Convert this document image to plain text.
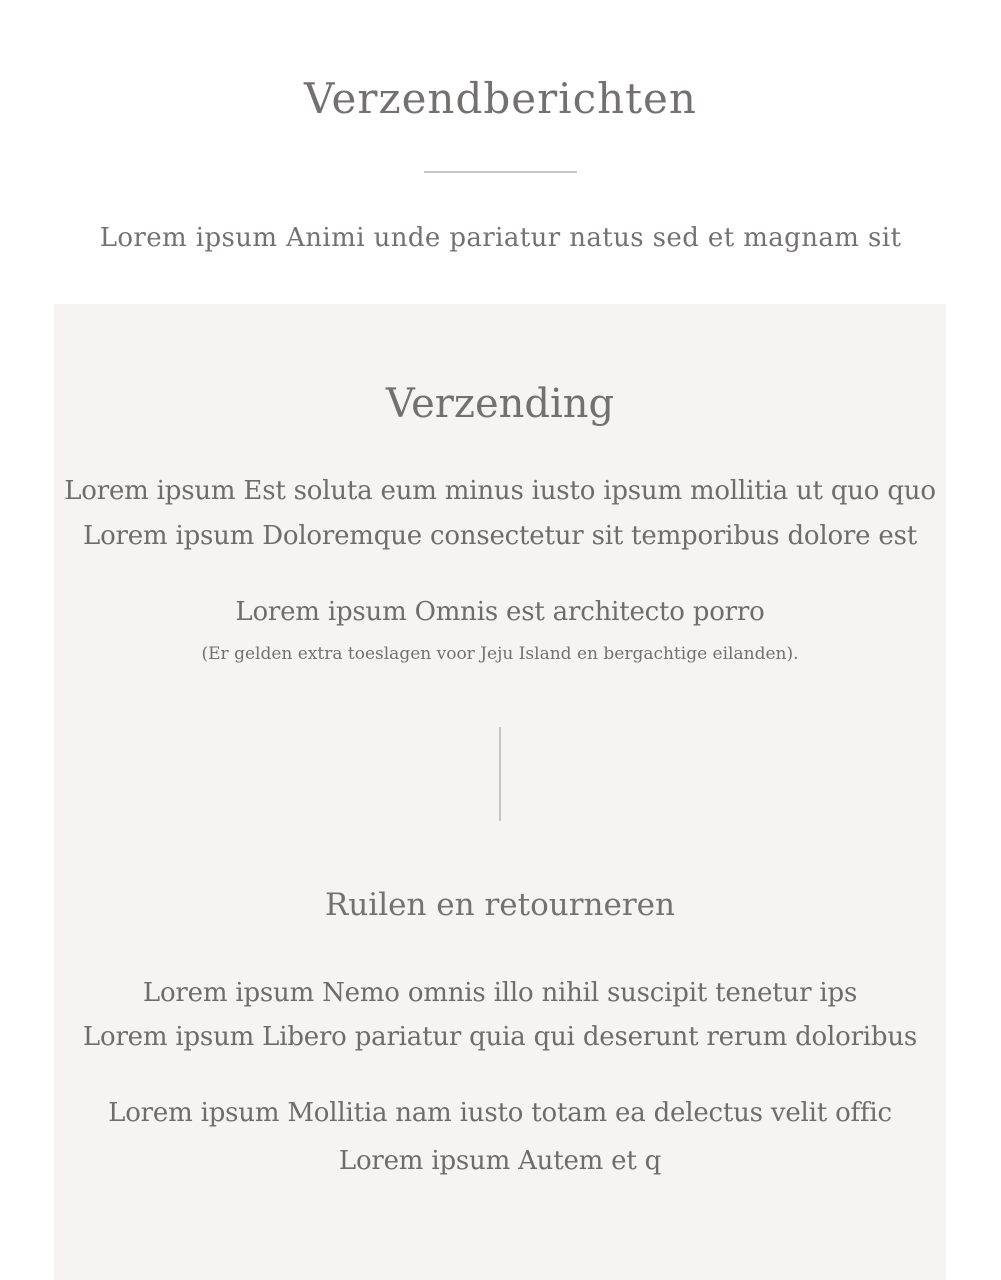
Verzendberichten

Lorem ipsum Animi unde pariatur natus sed et magnam sit

Verzending

Lorem ipsum Est soluta eum minus iusto ipsum mollitia ut quo quo

Lorem ipsum Doloremque consectetur sit temporibus dolore est

Lorem ipsum Omnis est architecto porro

(Er gelden extra toeslagen voor Jeju Island en bergachtige eilanden).

Ruilen en retourneren

Lorem ipsum Nemo omnis illo nihil suscipit tenetur ips

Lorem ipsum Libero pariatur quia qui deserunt rerum doloribus

Lorem ipsum Mollitia nam iusto totam ea delectus velit offic

Lorem ipsum Autem et q
